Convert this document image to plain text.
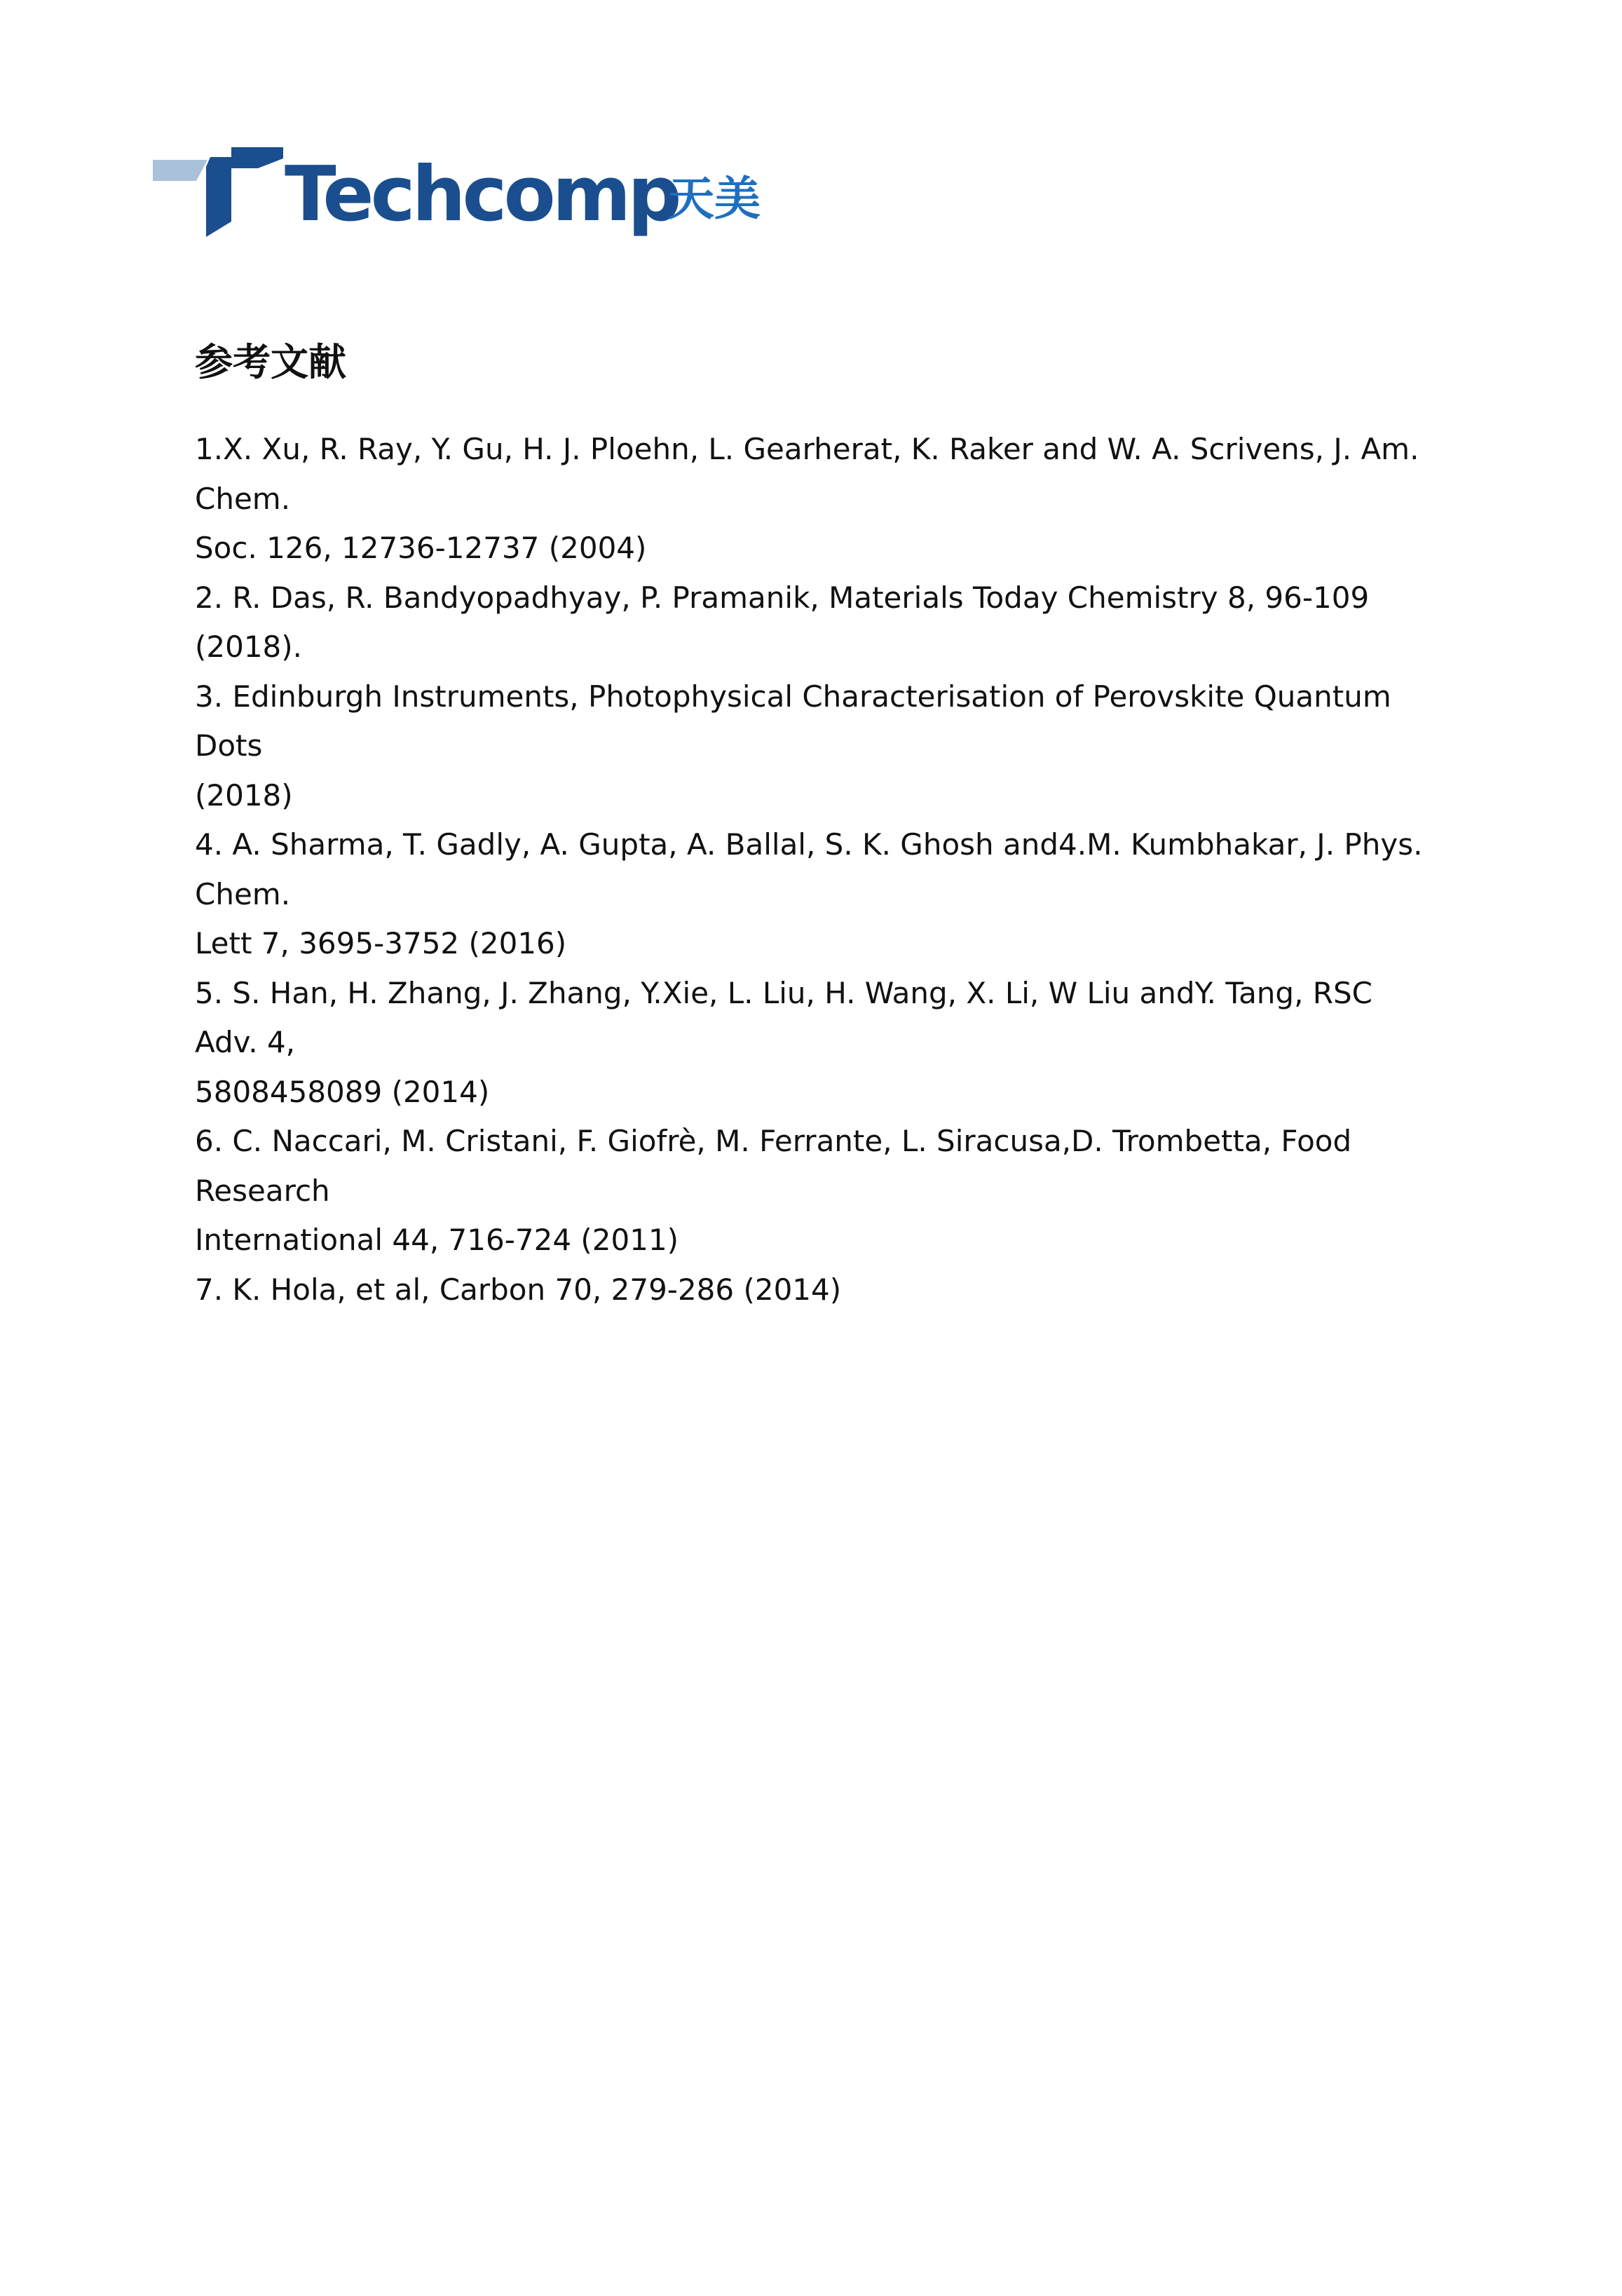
Techcomp
天美
参考文献
1.X. Xu, R. Ray, Y. Gu, H. J. Ploehn, L. Gearherat, K. Raker and W. A. Scrivens, J. Am. Chem.
Soc. 126, 12736-12737 (2004)
2. R. Das, R. Bandyopadhyay, P. Pramanik, Materials Today Chemistry 8, 96-109 (2018).
3. Edinburgh Instruments, Photophysical Characterisation of Perovskite Quantum Dots
(2018)
4. A. Sharma, T. Gadly, A. Gupta, A. Ballal, S. K. Ghosh and4.M. Kumbhakar, J. Phys. Chem.
Lett 7, 3695-3752 (2016)
5. S. Han, H. Zhang, J. Zhang, Y.Xie, L. Liu, H. Wang, X. Li, W Liu andY. Tang, RSC Adv. 4,
5808458089 (2014)
6. C. Naccari, M. Cristani, F. Giofrè, M. Ferrante, L. Siracusa,D. Trombetta, Food Research
International 44, 716-724 (2011)
7. K. Hola, et al, Carbon 70, 279-286 (2014)
